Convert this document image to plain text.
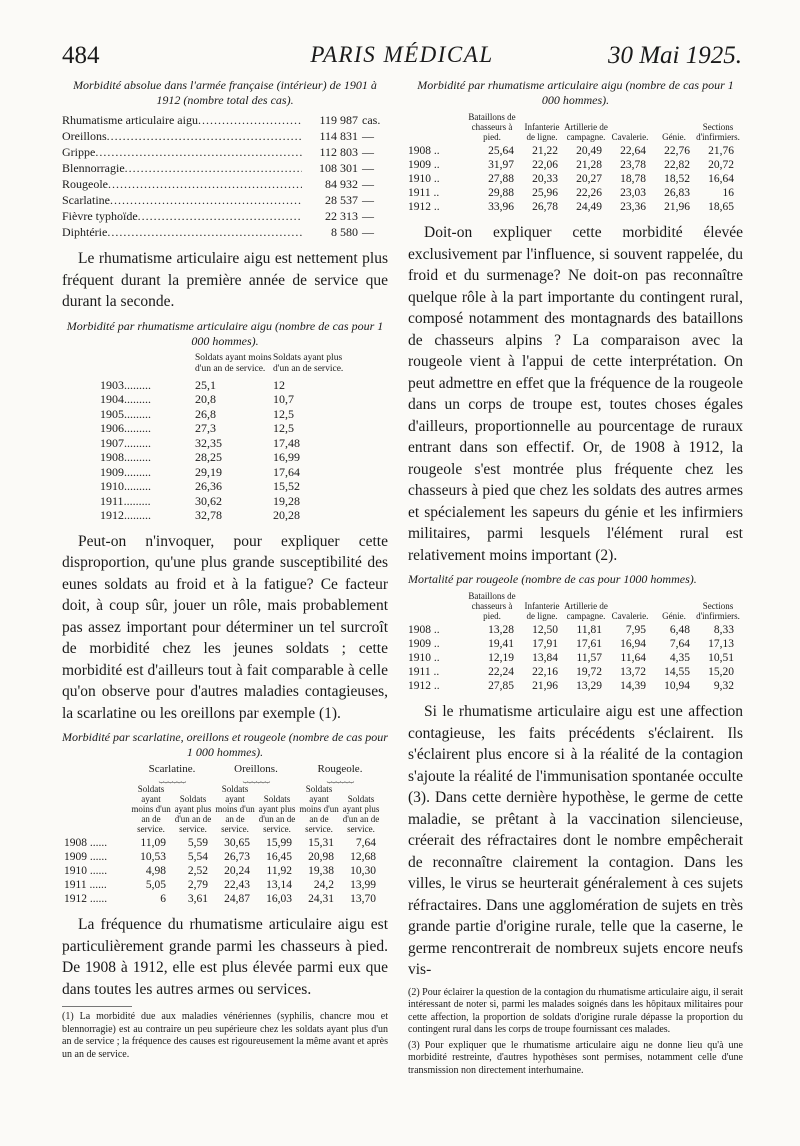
PARIS MÉDICAL
484	30 Mai 1925.
Morbidité absolue dans l'armée française (intérieur) de 1901 à 1912 (nombre total des cas).
Rhumatisme articulaire aigu .....	119 987 cas.
Oreillons .....	114 831 —
Grippe .....	112 803 —
Blennorragie .....	108 301 —
Rougeole .....	84 932 —
Scarlatine .....	28 537 —
Fièvre typhoïde .....	22 313 —
Diphtérie .....	8 580 —
Le rhumatisme articulaire aigu est nettement plus fréquent durant la première année de service que durant la seconde.
Morbidité par rhumatisme articulaire aigu (nombre de cas pour 1 000 hommes).
	Soldats ayant moins d'un an de service.	Soldats ayant plus d'un an de service.
1903 .....	25,1	12
1904 .....	20,8	10,7
1905 .....	26,8	12,5
1906 .....	27,3	12,5
1907 .....	32,35	17,48
1908 .....	28,25	16,99
1909 .....	29,19	17,64
1910 .....	26,36	15,52
1911 .....	30,62	19,28
1912 .....	32,78	20,28
Peut-on n'invoquer, pour expliquer cette disproportion, qu'une plus grande susceptibilité des eunes soldats au froid et à la fatigue? Ce facteur doit, à coup sûr, jouer un rôle, mais probablement pas assez important pour déterminer un tel surcroît de morbidité chez les jeunes soldats ; cette morbidité est d'ailleurs tout à fait comparable à celle qu'on observe pour d'autres maladies contagieuses, la scarlatine ou les oreillons par exemple (1).
Morbidité par scarlatine, oreillons et rougeole (nombre de cas pour 1 000 hommes).
	Scarlatine.		Oreillons.		Rougeole.	

	⏟⏟⏟⏟⏟⏟		⏟⏟⏟⏟⏟⏟		⏟⏟⏟⏟⏟⏟	

	Soldats ayant moins d'un an de service.	Soldats ayant plus d'un an de service.	Soldats ayant moins d'un an de service.	Soldats ayant plus d'un an de service.	Soldats ayant moins d'un an de service.	Soldats ayant plus d'un an de service.
1908 ......	11,09	5,59	30,65	15,99	15,31	7,64
1909 ......	10,53	5,54	26,73	16,45	20,98	12,68
1910 ......	4,98	2,52	20,24	11,92	19,38	10,30
1911 ......	5,05	2,79	22,43	13,14	24,2	13,99
1912 ......	6	3,61	24,87	16,03	24,31	13,70
La fréquence du rhumatisme articulaire aigu est particulièrement grande parmi les chasseurs à pied. De 1908 à 1912, elle est plus élevée parmi eux que dans toutes les autres armes ou services.
(1) La morbidité due aux maladies vénériennes (syphilis, chancre mou et blennorragie) est au contraire un peu supérieure chez les soldats ayant plus d'un an de service ; la fréquence des causes est rigoureusement la même avant et après un an de service.
Morbidité par rhumatisme articulaire aigu (nombre de cas pour 1 000 hommes).
	Bataillons de chasseurs à pied.	Infanterie de ligne.	Artillerie de campagne.	Cavalerie.	Génie.	Sections d'infirmiers.
1908 ..	25,64	21,22	20,49	22,64	22,76	21,76
1909 ..	31,97	22,06	21,28	23,78	22,82	20,72
1910 ..	27,88	20,33	20,27	18,78	18,52	16,64
1911 ..	29,88	25,96	22,26	23,03	26,83	16
1912 ..	33,96	26,78	24,49	23,36	21,96	18,65
Doit-on expliquer cette morbidité élevée exclusivement par l'influence, si souvent rappelée, du froid et du surmenage? Ne doit-on pas reconnaître quelque rôle à la part importante du contingent rural, composé notamment des montagnards des bataillons de chasseurs alpins ? La comparaison avec la rougeole vient à l'appui de cette interprétation. On peut admettre en effet que la fréquence de la rougeole dans un corps de troupe est, toutes choses égales d'ailleurs, proportionnelle au pourcentage de ruraux entrant dans son effectif. Or, de 1908 à 1912, la rougeole s'est montrée plus fréquente chez les chasseurs à pied que chez les soldats des autres armes et spécialement les sapeurs du génie et les infirmiers militaires, parmi lesquels l'élément rural est relativement moins important (2).
Mortalité par rougeole (nombre de cas pour 1000 hommes).
	Bataillons de chasseurs à pied.	Infanterie de ligne.	Artillerie de campagne.	Cavalerie.	Génie.	Sections d'infirmiers.
1908 ..	13,28	12,50	11,81	7,95	6,48	8,33
1909 ..	19,41	17,91	17,61	16,94	7,64	17,13
1910 ..	12,19	13,84	11,57	11,64	4,35	10,51
1911 ..	22,24	22,16	19,72	13,72	14,55	15,20
1912 ..	27,85	21,96	13,29	14,39	10,94	9,32
Si le rhumatisme articulaire aigu est une affection contagieuse, les faits précédents s'éclairent. Ils s'éclairent plus encore si à la réalité de la contagion s'ajoute la réalité de l'immunisation spontanée occulte (3). Dans cette dernière hypothèse, le germe de cette maladie, se prêtant à la vaccination silencieuse, créerait des réfractaires dont le nombre empêcherait de reconnaître clairement la contagion. Dans les villes, le virus se heurterait généralement à ces sujets réfractaires. Dans une agglomération de sujets en très grande partie d'origine rurale, telle que la caserne, le germe rencontrerait de nombreux sujets encore neufs vis-
(2) Pour éclairer la question de la contagion du rhumatisme articulaire aigu, il serait intéressant de noter si, parmi les malades soignés dans les hôpitaux militaires pour cette affection, la proportion de soldats d'origine rurale dépasse la proportion du contingent rural dans les corps de troupe fournissant ces malades.
(3) Pour expliquer que le rhumatisme articulaire aigu ne donne lieu qu'à une morbidité restreinte, d'autres hypothèses sont permises, notamment celle d'une transmission non directement interhumaine.
